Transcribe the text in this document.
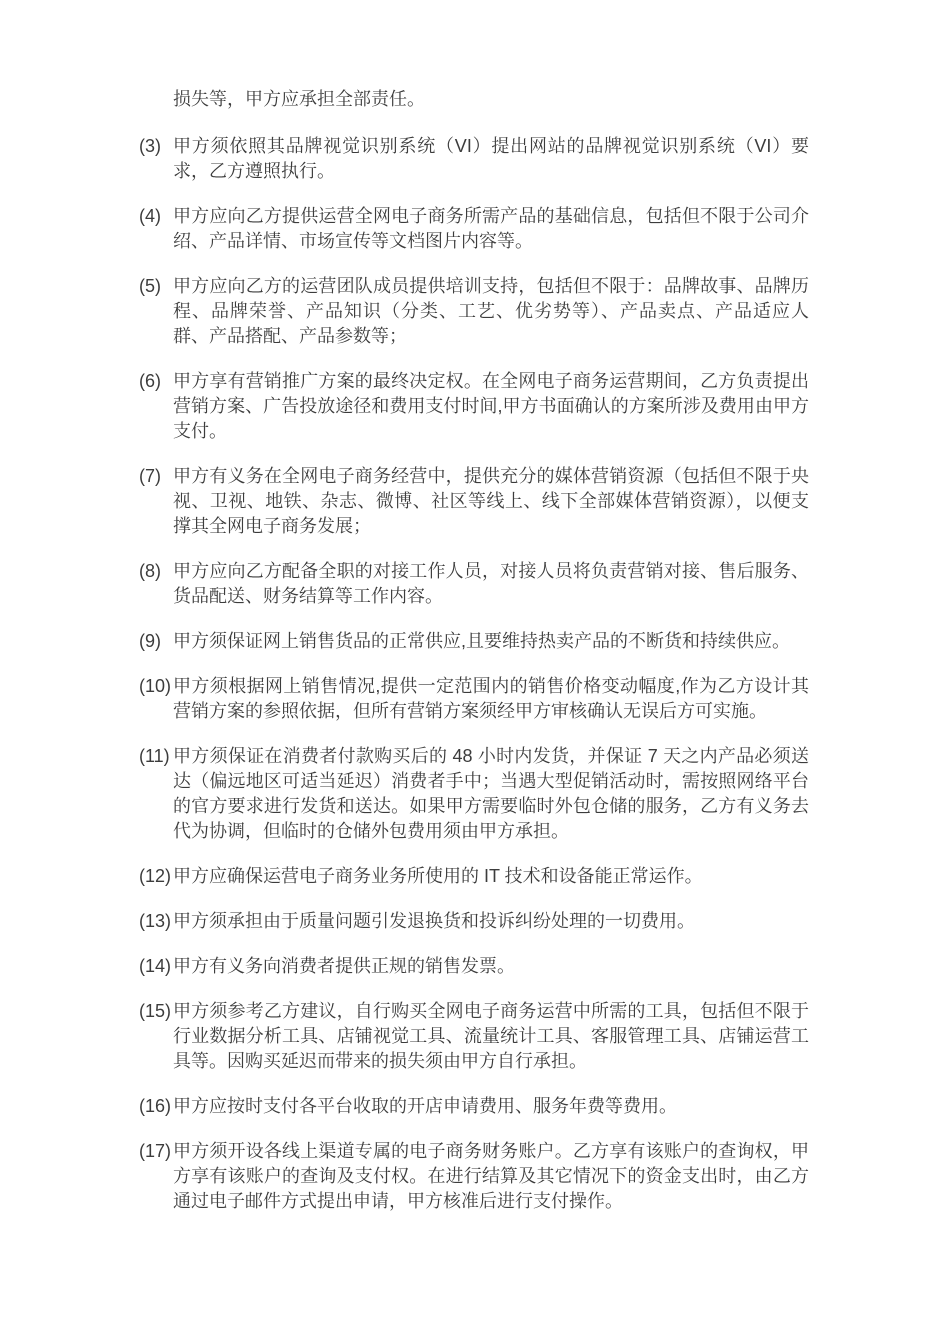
损失等，甲方应承担全部责任。

(3) 甲方须依照其品牌视觉识别系统（VI）提出网站的品牌视觉识别系统（VI）要求，乙方遵照执行。

(4) 甲方应向乙方提供运营全网电子商务所需产品的基础信息，包括但不限于公司介绍、产品详情、市场宣传等文档图片内容等。

(5) 甲方应向乙方的运营团队成员提供培训支持，包括但不限于：品牌故事、品牌历程、品牌荣誉、产品知识（分类、工艺、优劣势等）、产品卖点、产品适应人群、产品搭配、产品参数等；

(6) 甲方享有营销推广方案的最终决定权。在全网电子商务运营期间，乙方负责提出营销方案、广告投放途径和费用支付时间,甲方书面确认的方案所涉及费用由甲方支付。

(7) 甲方有义务在全网电子商务经营中，提供充分的媒体营销资源（包括但不限于央视、卫视、地铁、杂志、微博、社区等线上、线下全部媒体营销资源），以便支撑其全网电子商务发展；

(8) 甲方应向乙方配备全职的对接工作人员，对接人员将负责营销对接、售后服务、货品配送、财务结算等工作内容。

(9) 甲方须保证网上销售货品的正常供应,且要维持热卖产品的不断货和持续供应。

(10) 甲方须根据网上销售情况,提供一定范围内的销售价格变动幅度,作为乙方设计其营销方案的参照依据，但所有营销方案须经甲方审核确认无误后方可实施。

(11) 甲方须保证在消费者付款购买后的 48 小时内发货，并保证 7 天之内产品必须送达（偏远地区可适当延迟）消费者手中；当遇大型促销活动时，需按照网络平台的官方要求进行发货和送达。如果甲方需要临时外包仓储的服务，乙方有义务去代为协调，但临时的仓储外包费用须由甲方承担。

(12) 甲方应确保运营电子商务业务所使用的 IT 技术和设备能正常运作。

(13) 甲方须承担由于质量问题引发退换货和投诉纠纷处理的一切费用。

(14) 甲方有义务向消费者提供正规的销售发票。

(15) 甲方须参考乙方建议，自行购买全网电子商务运营中所需的工具，包括但不限于行业数据分析工具、店铺视觉工具、流量统计工具、客服管理工具、店铺运营工具等。因购买延迟而带来的损失须由甲方自行承担。

(16) 甲方应按时支付各平台收取的开店申请费用、服务年费等费用。

(17) 甲方须开设各线上渠道专属的电子商务财务账户。乙方享有该账户的查询权，甲方享有该账户的查询及支付权。在进行结算及其它情况下的资金支出时，由乙方通过电子邮件方式提出申请，甲方核准后进行支付操作。
